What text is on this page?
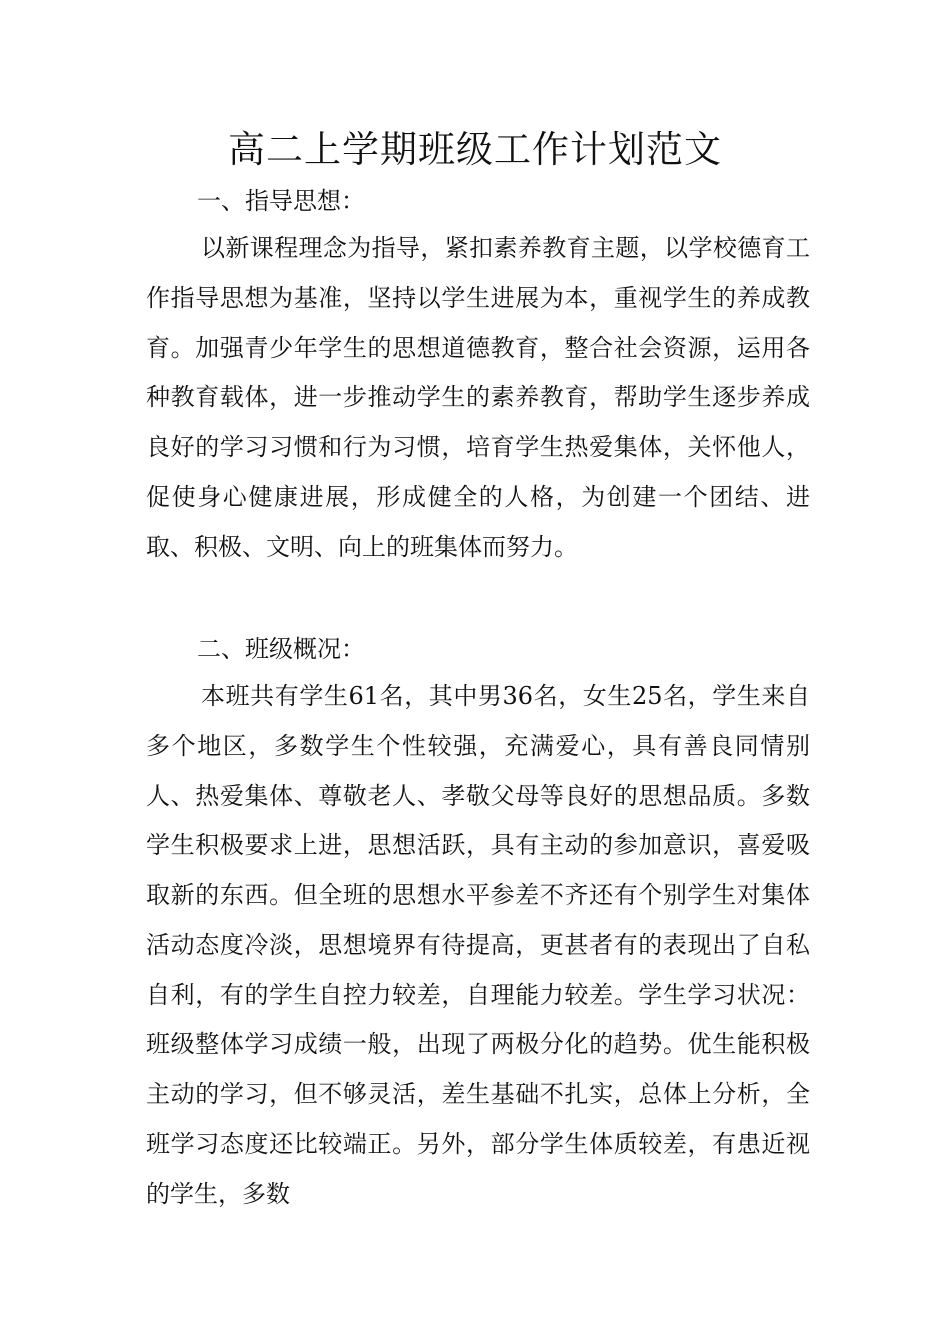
高二上学期班级工作计划范文
一、指导思想：

以新课程理念为指导，紧扣素养教育主题，以学校德育工作指导思想为基准，坚持以学生进展为本，重视学生的养成教育。加强青少年学生的思想道德教育，整合社会资源，运用各种教育载体，进一步推动学生的素养教育，帮助学生逐步养成良好的学习习惯和行为习惯，培育学生热爱集体，关怀他人，促使身心健康进展，形成健全的人格，为创建一个团结、进取、积极、文明、向上的班集体而努力。

二、班级概况：

本班共有学生61名，其中男36名，女生25名，学生来自多个地区，多数学生个性较强，充满爱心，具有善良同情别人、热爱集体、尊敬老人、孝敬父母等良好的思想品质。多数学生积极要求上进，思想活跃，具有主动的参加意识，喜爱吸取新的东西。但全班的思想水平参差不齐还有个别学生对集体活动态度冷淡，思想境界有待提高，更甚者有的表现出了自私自利，有的学生自控力较差，自理能力较差。学生学习状况：班级整体学习成绩一般，出现了两极分化的趋势。优生能积极主动的学习，但不够灵活，差生基础不扎实，总体上分析，全班学习态度还比较端正。另外，部分学生体质较差，有患近视的学生，多数
